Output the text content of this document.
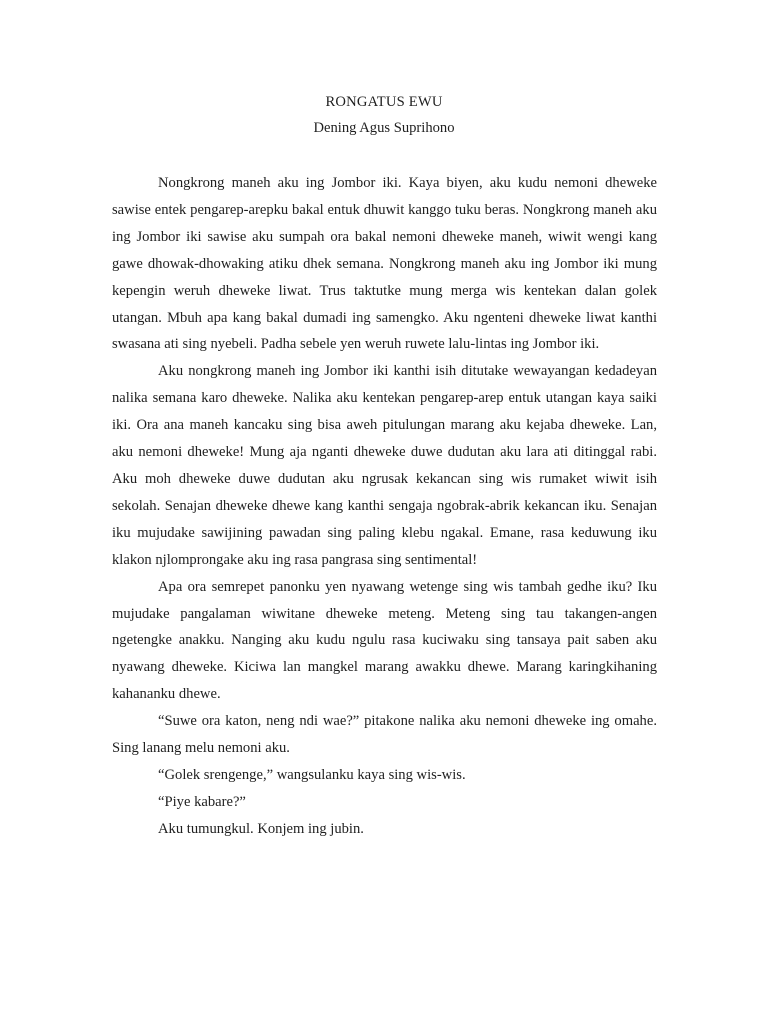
RONGATUS EWU
Dening Agus Suprihono

Nongkrong maneh aku ing Jombor iki. Kaya biyen, aku kudu nemoni dheweke sawise entek pengarep-arepku bakal entuk dhuwit kanggo tuku beras. Nongkrong maneh aku ing Jombor iki sawise aku sumpah ora bakal nemoni dheweke maneh, wiwit wengi kang gawe dhowak-dhowaking atiku dhek semana. Nongkrong maneh aku ing Jombor iki mung kepengin weruh dheweke liwat. Trus taktutke mung merga wis kentekan dalan golek utangan. Mbuh apa kang bakal dumadi ing samengko. Aku ngenteni dheweke liwat kanthi swasana ati sing nyebeli. Padha sebele yen weruh ruwete lalu-lintas ing Jombor iki.

Aku nongkrong maneh ing Jombor iki kanthi isih ditutake wewayangan kedadeyan nalika semana karo dheweke. Nalika aku kentekan pengarep-arep entuk utangan kaya saiki iki. Ora ana maneh kancaku sing bisa aweh pitulungan marang aku kejaba dheweke. Lan, aku nemoni dheweke! Mung aja nganti dheweke duwe dudutan aku lara ati ditinggal rabi. Aku moh dheweke duwe dudutan aku ngrusak kekancan sing wis rumaket wiwit isih sekolah. Senajan dheweke dhewe kang kanthi sengaja ngobrak-abrik kekancan iku. Senajan iku mujudake sawijining pawadan sing paling klebu ngakal. Emane, rasa keduwung iku klakon njlomprongake aku ing rasa pangrasa sing sentimental!

Apa ora semrepet panonku yen nyawang wetenge sing wis tambah gedhe iku? Iku mujudake pangalaman wiwitane dheweke meteng. Meteng sing tau takangen-angen ngetengke anakku. Nanging aku kudu ngulu rasa kuciwaku sing tansaya pait saben aku nyawang dheweke. Kiciwa lan mangkel marang awakku dhewe. Marang karingkihaning kahananku dhewe.

“Suwe ora katon, neng ndi wae?” pitakone nalika aku nemoni dheweke ing omahe. Sing lanang melu nemoni aku.

“Golek srengenge,” wangsulanku kaya sing wis-wis.

“Piye kabare?”

Aku tumungkul. Konjem ing jubin.
